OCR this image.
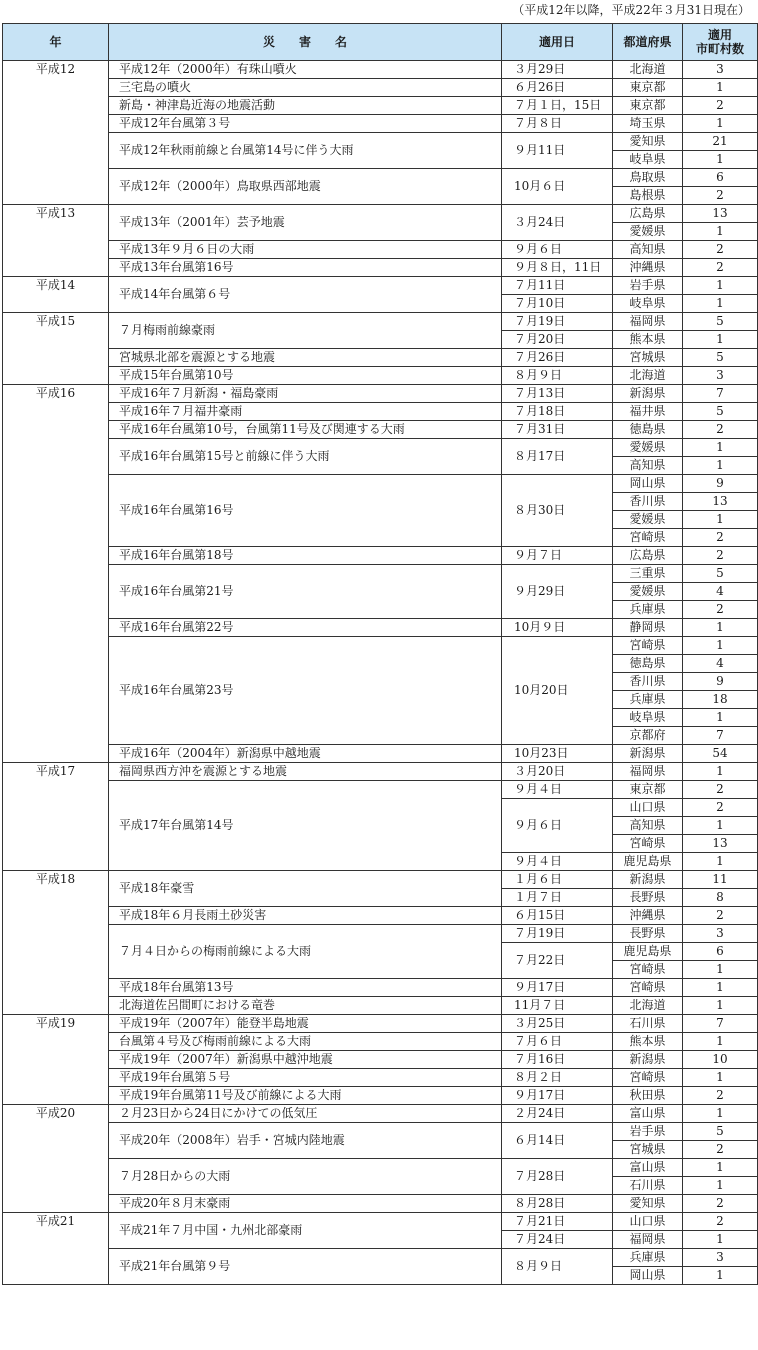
（平成12年以降，平成22年３月31日現在）
年	災　　害　　名	適用日	都道府県	適用
市町村数

平成12	平成12年（2000年）有珠山噴火	３月29日	北海道	3
	三宅島の噴火	６月26日	東京都	1
	新島・神津島近海の地震活動	７月１日，15日	東京都	2
	平成12年台風第３号	７月８日	埼玉県	1
	平成12年秋雨前線と台風第14号に伴う大雨	９月11日	愛知県	21
			岐阜県	1
	平成12年（2000年）鳥取県西部地震	10月６日	鳥取県	6
			島根県	2
平成13	平成13年（2001年）芸予地震	３月24日	広島県	13
			愛媛県	1
	平成13年９月６日の大雨	９月６日	高知県	2
	平成13年台風第16号	９月８日，11日	沖縄県	2
平成14	平成14年台風第６号	７月11日	岩手県	1
		７月10日	岐阜県	1
平成15	７月梅雨前線豪雨	７月19日	福岡県	5
		７月20日	熊本県	1
	宮城県北部を震源とする地震	７月26日	宮城県	5
	平成15年台風第10号	８月９日	北海道	3
平成16	平成16年７月新潟・福島豪雨	７月13日	新潟県	7
	平成16年７月福井豪雨	７月18日	福井県	5
	平成16年台風第10号，台風第11号及び関連する大雨	７月31日	徳島県	2
	平成16年台風第15号と前線に伴う大雨	８月17日	愛媛県	1
			高知県	1
	平成16年台風第16号	８月30日	岡山県	9
			香川県	13
			愛媛県	1
			宮崎県	2
	平成16年台風第18号	９月７日	広島県	2
	平成16年台風第21号	９月29日	三重県	5
			愛媛県	4
			兵庫県	2
	平成16年台風第22号	10月９日	静岡県	1
	平成16年台風第23号	10月20日	宮崎県	1
			徳島県	4
			香川県	9
			兵庫県	18
			岐阜県	1
			京都府	7
	平成16年（2004年）新潟県中越地震	10月23日	新潟県	54
平成17	福岡県西方沖を震源とする地震	３月20日	福岡県	1
	平成17年台風第14号	９月４日	東京都	2
		９月６日	山口県	2
			高知県	1
			宮崎県	13
		９月４日	鹿児島県	1
平成18	平成18年豪雪	１月６日	新潟県	11
		１月７日	長野県	8
	平成18年６月長雨土砂災害	６月15日	沖縄県	2
	７月４日からの梅雨前線による大雨	７月19日	長野県	3
		７月22日	鹿児島県	6
			宮崎県	1
	平成18年台風第13号	９月17日	宮崎県	1
	北海道佐呂間町における竜巻	11月７日	北海道	1
平成19	平成19年（2007年）能登半島地震	３月25日	石川県	7
	台風第４号及び梅雨前線による大雨	７月６日	熊本県	1
	平成19年（2007年）新潟県中越沖地震	７月16日	新潟県	10
	平成19年台風第５号	８月２日	宮崎県	1
	平成19年台風第11号及び前線による大雨	９月17日	秋田県	2
平成20	２月23日から24日にかけての低気圧	２月24日	富山県	1
	平成20年（2008年）岩手・宮城内陸地震	６月14日	岩手県	5
			宮城県	2
	７月28日からの大雨	７月28日	富山県	1
			石川県	1
	平成20年８月末豪雨	８月28日	愛知県	2
平成21	平成21年７月中国・九州北部豪雨	７月21日	山口県	2
		７月24日	福岡県	1
	平成21年台風第９号	８月９日	兵庫県	3
			岡山県	1
